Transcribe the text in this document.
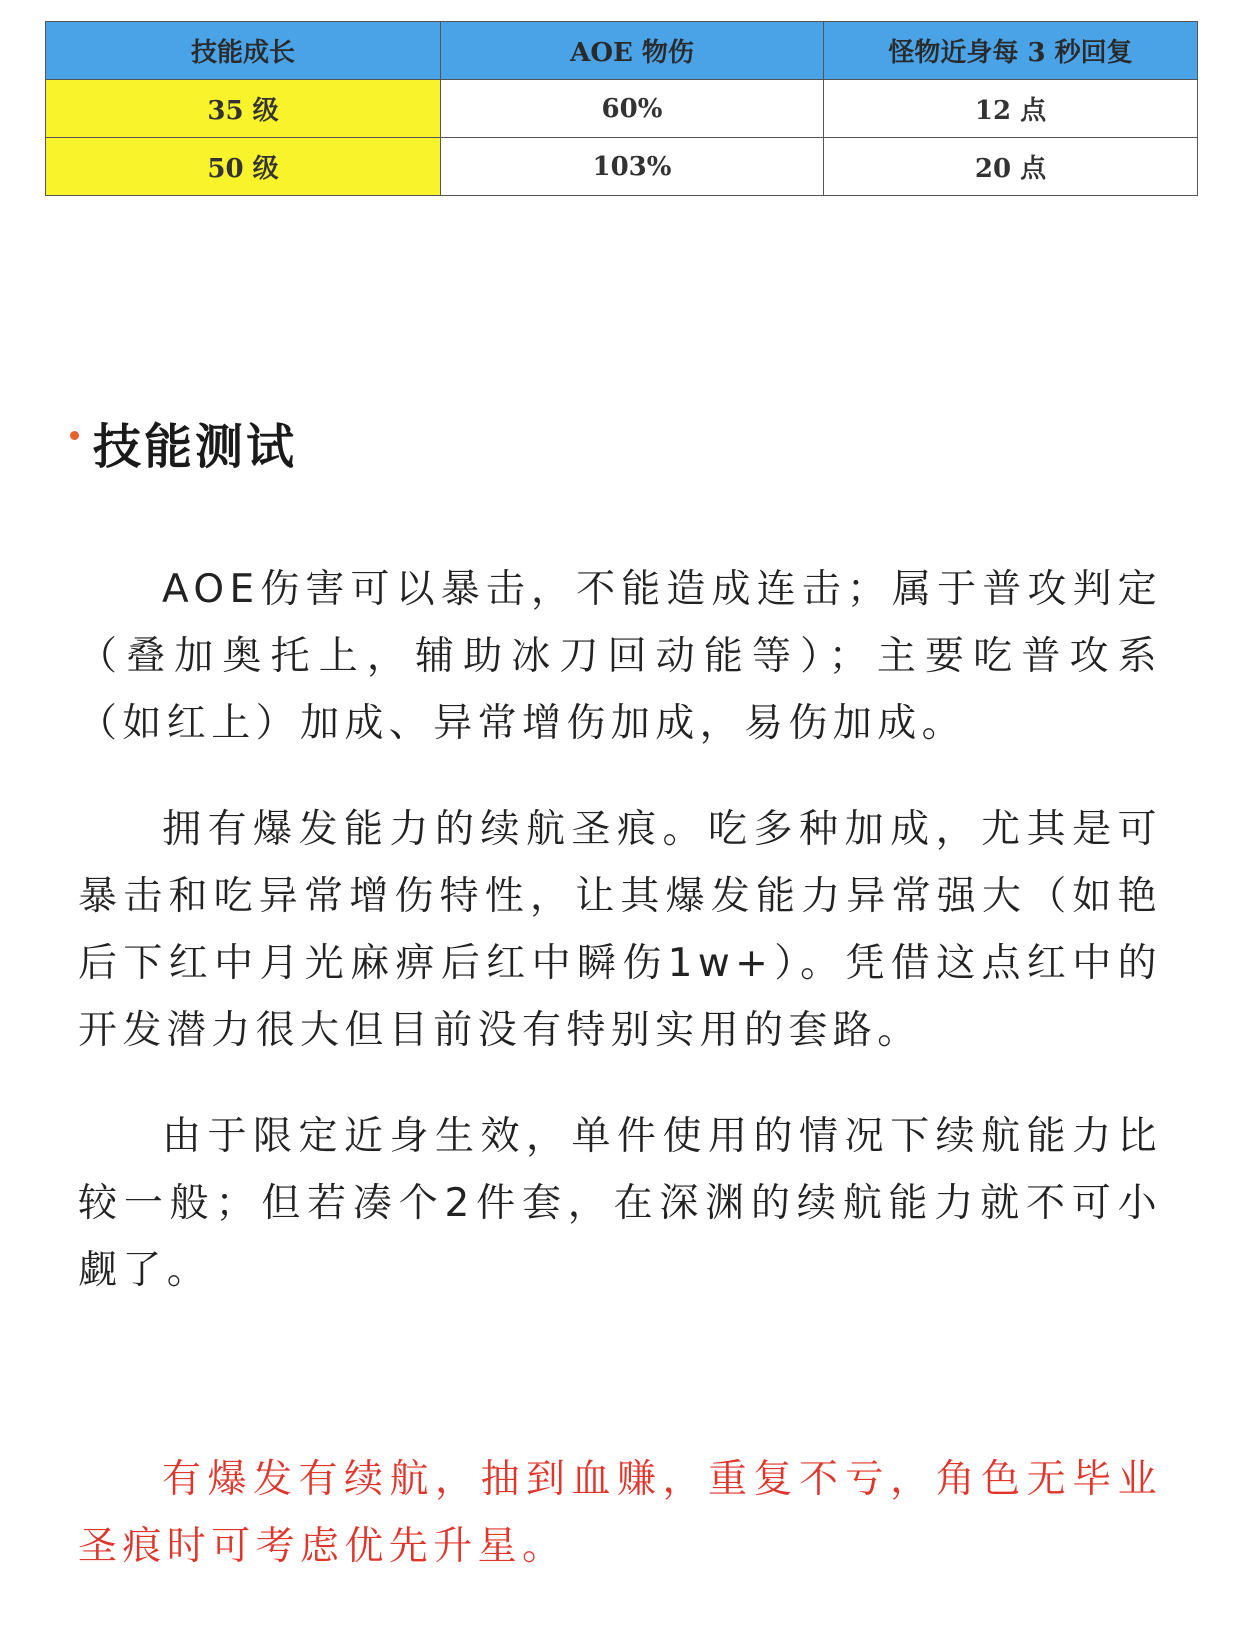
技能成长	AOE 物伤	怪物近身每 3 秒回复
35 级	60%	12 点
50 级	103%	20 点
技能测试

AOE伤害可以暴击，不能造成连击；属于普攻判定（叠加奥托上，辅助冰刀回动能等）；主要吃普攻系（如红上）加成、异常增伤加成，易伤加成。

拥有爆发能力的续航圣痕。吃多种加成，尤其是可暴击和吃异常增伤特性，让其爆发能力异常强大（如艳后下红中月光麻痹后红中瞬伤1w+）。凭借这点红中的开发潜力很大但目前没有特别实用的套路。

由于限定近身生效，单件使用的情况下续航能力比较一般；但若凑个2件套，在深渊的续航能力就不可小觑了。

有爆发有续航，抽到血赚，重复不亏，角色无毕业圣痕时可考虑优先升星。
